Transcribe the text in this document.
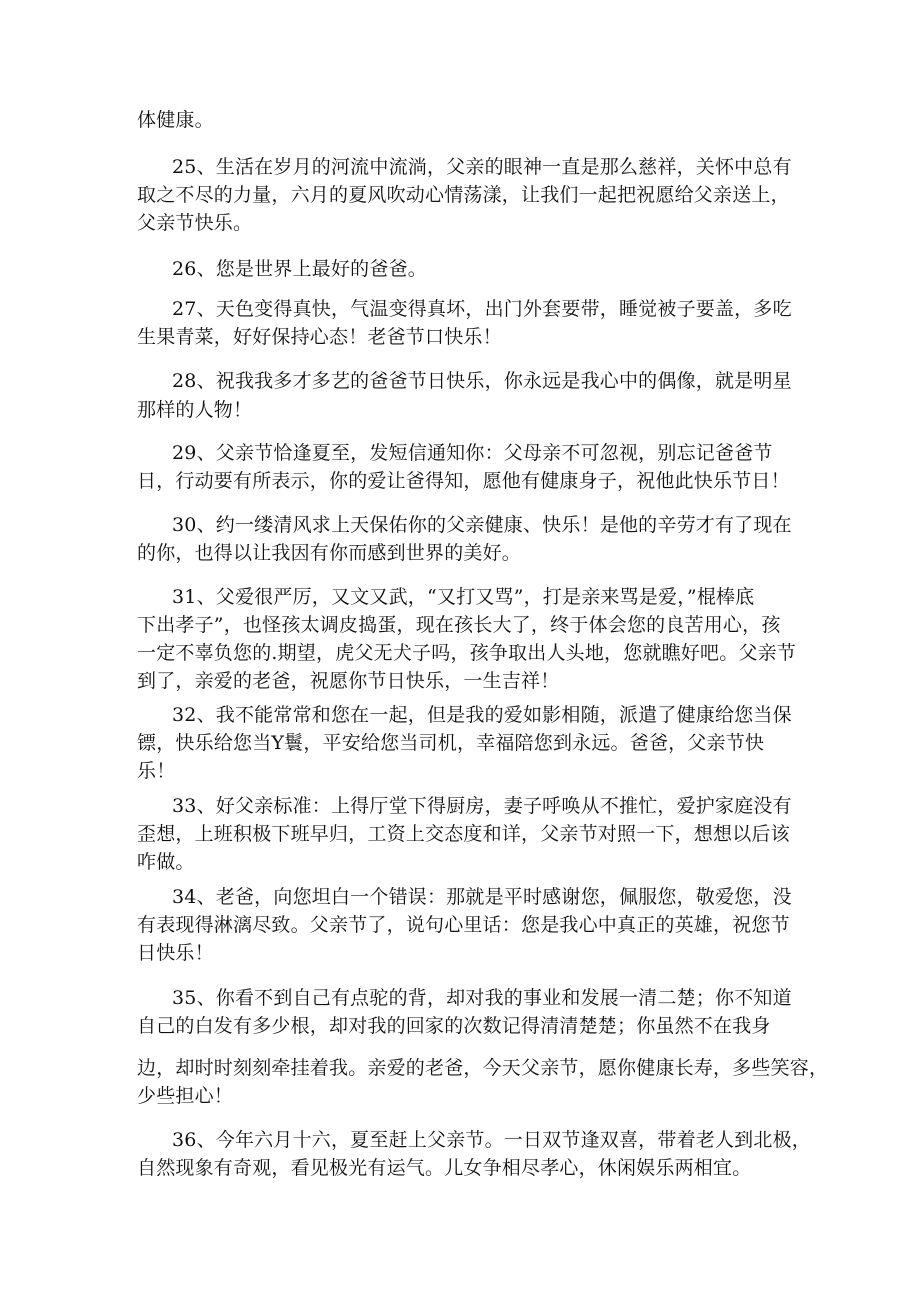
体健康。
25、生活在岁月的河流中流淌，父亲的眼神一直是那么慈祥，关怀中总有
取之不尽的力量，六月的夏风吹动心情荡漾，让我们一起把祝愿给父亲送上，
父亲节快乐。
26、您是世界上最好的爸爸。
27、天色变得真快，气温变得真坏，出门外套要带，睡觉被子要盖，多吃
生果青菜，好好保持心态！老爸节口快乐！
28、祝我我多才多艺的爸爸节日快乐，你永远是我心中的偶像，就是明星
那样的人物！
29、父亲节恰逢夏至，发短信通知你：父母亲不可忽视，别忘记爸爸节
日，行动要有所表示，你的爱让爸得知，愿他有健康身子，祝他此快乐节日！
30、约一缕清风求上天保佑你的父亲健康、快乐！是他的辛劳才有了现在
的你，也得以让我因有你而感到世界的美好。
31、父爱很严厉，又文又武，“又打又骂”，打是亲来骂是爱，”棍棒底
下出孝子”，也怪孩太调皮捣蛋，现在孩长大了，终于体会您的良苦用心，孩
一定不辜负您的.期望，虎父无犬子吗，孩争取出人头地，您就瞧好吧。父亲节
到了，亲爱的老爸，祝愿你节日快乐，一生吉祥！
32、我不能常常和您在一起，但是我的爱如影相随，派遣了健康给您当保
镖，快乐给您当Y鬟，平安给您当司机，幸福陪您到永远。爸爸，父亲节快
乐！
33、好父亲标准：上得厅堂下得厨房，妻子呼唤从不推忙，爱护家庭没有
歪想，上班积极下班早归，工资上交态度和详，父亲节对照一下，想想以后该
咋做。
34、老爸，向您坦白一个错误：那就是平时感谢您，佩服您，敬爱您，没
有表现得淋漓尽致。父亲节了，说句心里话：您是我心中真正的英雄，祝您节
日快乐！
35、你看不到自己有点驼的背，却对我的事业和发展一清二楚；你不知道
自己的白发有多少根，却对我的回家的次数记得清清楚楚；你虽然不在我身
边，却时时刻刻牵挂着我。亲爱的老爸，今天父亲节，愿你健康长寿，多些笑容，
少些担心！
36、今年六月十六，夏至赶上父亲节。一日双节逢双喜，带着老人到北极，
自然现象有奇观，看见极光有运气。儿女争相尽孝心，休闲娱乐两相宜。
